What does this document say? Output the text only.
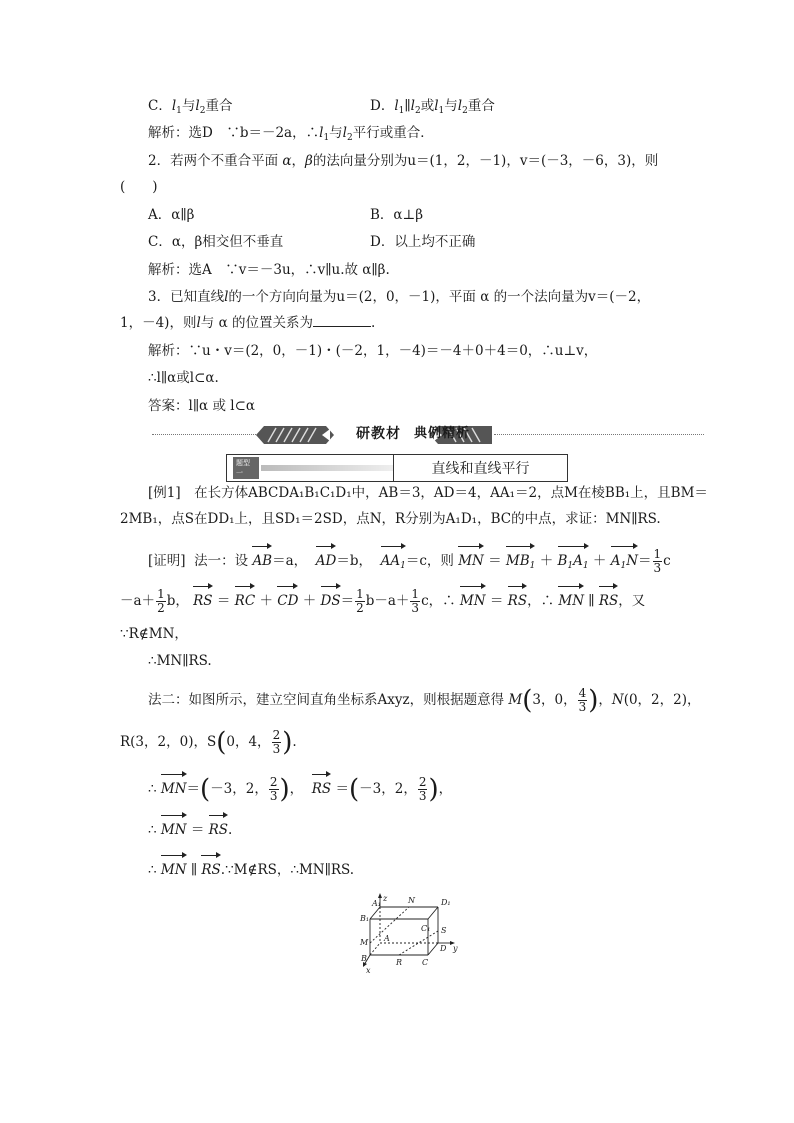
C．$l_1$与$l_2$重合	D．$l_1\parallel l_2$或$l_1$与$l_2$重合
解析：选D　∵b＝－2a，$\therefore l_1$与$l_2$平行或重合．
2．若两个不重合平面 α，β的法向量分别为u＝(1，2，－1)，v＝(－3，－6，3)，则
(　　)
A．α∥β	B．α⊥β
C．α，β相交但不垂直	D．以上均不正确
解析：选A　∵v＝－3u，∴v∥u.故 α∥β.
3．已知直线l的一个方向向量为u＝(2，0，－1)，平面 α 的一个法向量为v＝(－2，
1，－4)，则l与 α 的位置关系为	.
解析：∵u・v＝(2，0，－1)・(－2，1，－4)＝－4＋0＋4＝0，∴u⊥v，
∴l∥α或l⊂α.
答案：l∥α 或 l⊂α
研教材 典例精析
题型一	直线和直线平行
[例1]　在长方体ABCDA₁B₁C₁D₁中，AB＝3，AD＝4，AA₁＝2，点M在棱BB₁上，且BM＝
2MB₁，点S在DD₁上，且SD₁＝2SD，点N，R分别为A₁D₁，BC的中点，求证：MN∥RS.
[证明] 法一：设 AB＝a， AD＝b， $AA_1=c$，则 MN ＝ $MB_1 + B_1A_1 + A_1N= \frac{1}{3}$ c
$-a+ \frac{1}{2}$ b， RS ＝ RC ＋ CD ＋ $DS= \frac{1}{2} b-a+ \frac{1}{3}$ c，∴ MN ＝ RS，∴ MN ∥ RS，又
∵R∉MN，
∴MN∥RS.
法二：如图所示，建立空间直角坐标系Axyz，则根据题意得 M(3，0， $\frac{4}{3}$ )，N(0，2，2)，
R(3，2，0)，S(0，4， $\frac{2}{3}$ ).
∴ MN＝(－3，2， $\frac{2}{3}$ )，  RS ＝(－3，2， $\frac{2}{3}$ )，
∴ MN ＝ RS.
∴ MN ∥ RS.∵M∉RS，∴MN∥RS.
z
A₁	N	D₁
B₁
C₁
M A
S
B
D y
x
R C
